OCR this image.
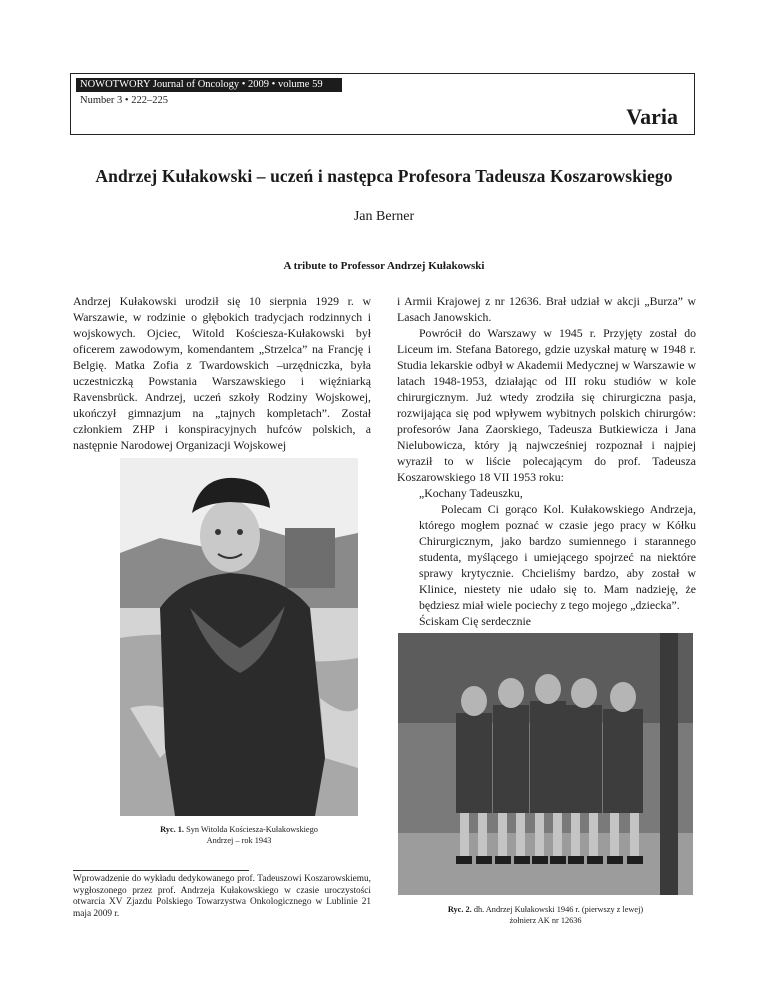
NOWOTWORY Journal of Oncology • 2009 • volume 59
Number 3 • 222–225
Varia
Andrzej Kułakowski – uczeń i następca Profesora Tadeusza Koszarowskiego
Jan Berner
A tribute to Professor Andrzej Kułakowski

Andrzej Kułakowski urodził się 10 sierpnia 1929 r. w Warszawie, w rodzinie o głębokich tradycjach rodzinnych i wojskowych. Ojciec, Witold Kościesza-Kułakowski był oficerem zawodowym, komendantem „Strzelca” na Francję i Belgię. Matka Zofia z Twardowskich –urzędniczka, była uczestniczką Powstania Warszawskiego i więźniarką Ravensbrück. Andrzej, uczeń szkoły Rodziny Wojskowej, ukończył gimnazjum na „tajnych kompletach”. Został członkiem ZHP i konspiracyjnych hufców polskich, a następnie Narodowej Organizacji Wojskowej

i Armii Krajowej z nr 12636. Brał udział w akcji „Burza” w Lasach Janowskich.

Powrócił do Warszawy w 1945 r. Przyjęty został do Liceum im. Stefana Batorego, gdzie uzyskał maturę w 1948 r. Studia lekarskie odbył w Akademii Medycznej w Warszawie w latach 1948-1953, działając od III roku studiów w kole chirurgicznym. Już wtedy zrodziła się chirurgiczna pasja, rozwijająca się pod wpływem wybitnych polskich chirurgów: profesorów Jana Zaorskiego, Tadeusza Butkiewicza i Jana Nielubowicza, który ją najwcześniej rozpoznał i najpiej wyraził to w liście polecającym do prof. Tadeusza Koszarowskiego 18 VII 1953 roku:

„Kochany Tadeuszku,
Polecam Ci gorąco Kol. Kułakowskiego Andrzeja, którego mogłem poznać w czasie jego pracy w Kółku Chirurgicznym, jako bardzo sumiennego i starannego studenta, myślącego i umiejącego spojrzeć na niektóre sprawy krytycznie. Chcieliśmy bardzo, aby został w Klinice, niestety nie udało się to. Mam nadzieję, że będziesz miał wiele pociechy z tego mojego „dziecka”.
Ściskam Cię serdecznie
Ryc. 1. Syn Witolda Kościesza-Kułakowskiego
Andrzej – rok 1943
Ryc. 2. dh. Andrzej Kułakowski 1946 r. (pierwszy z lewej)
żołnierz AK nr 12636
Wprowadzenie do wykładu dedykowanego prof. Tadeuszowi Koszarowskiemu, wygłoszonego przez prof. Andrzeja Kułakowskiego w czasie uroczystości otwarcia XV Zjazdu Polskiego Towarzystwa Onkologicznego w Lublinie 21 maja 2009 r.
